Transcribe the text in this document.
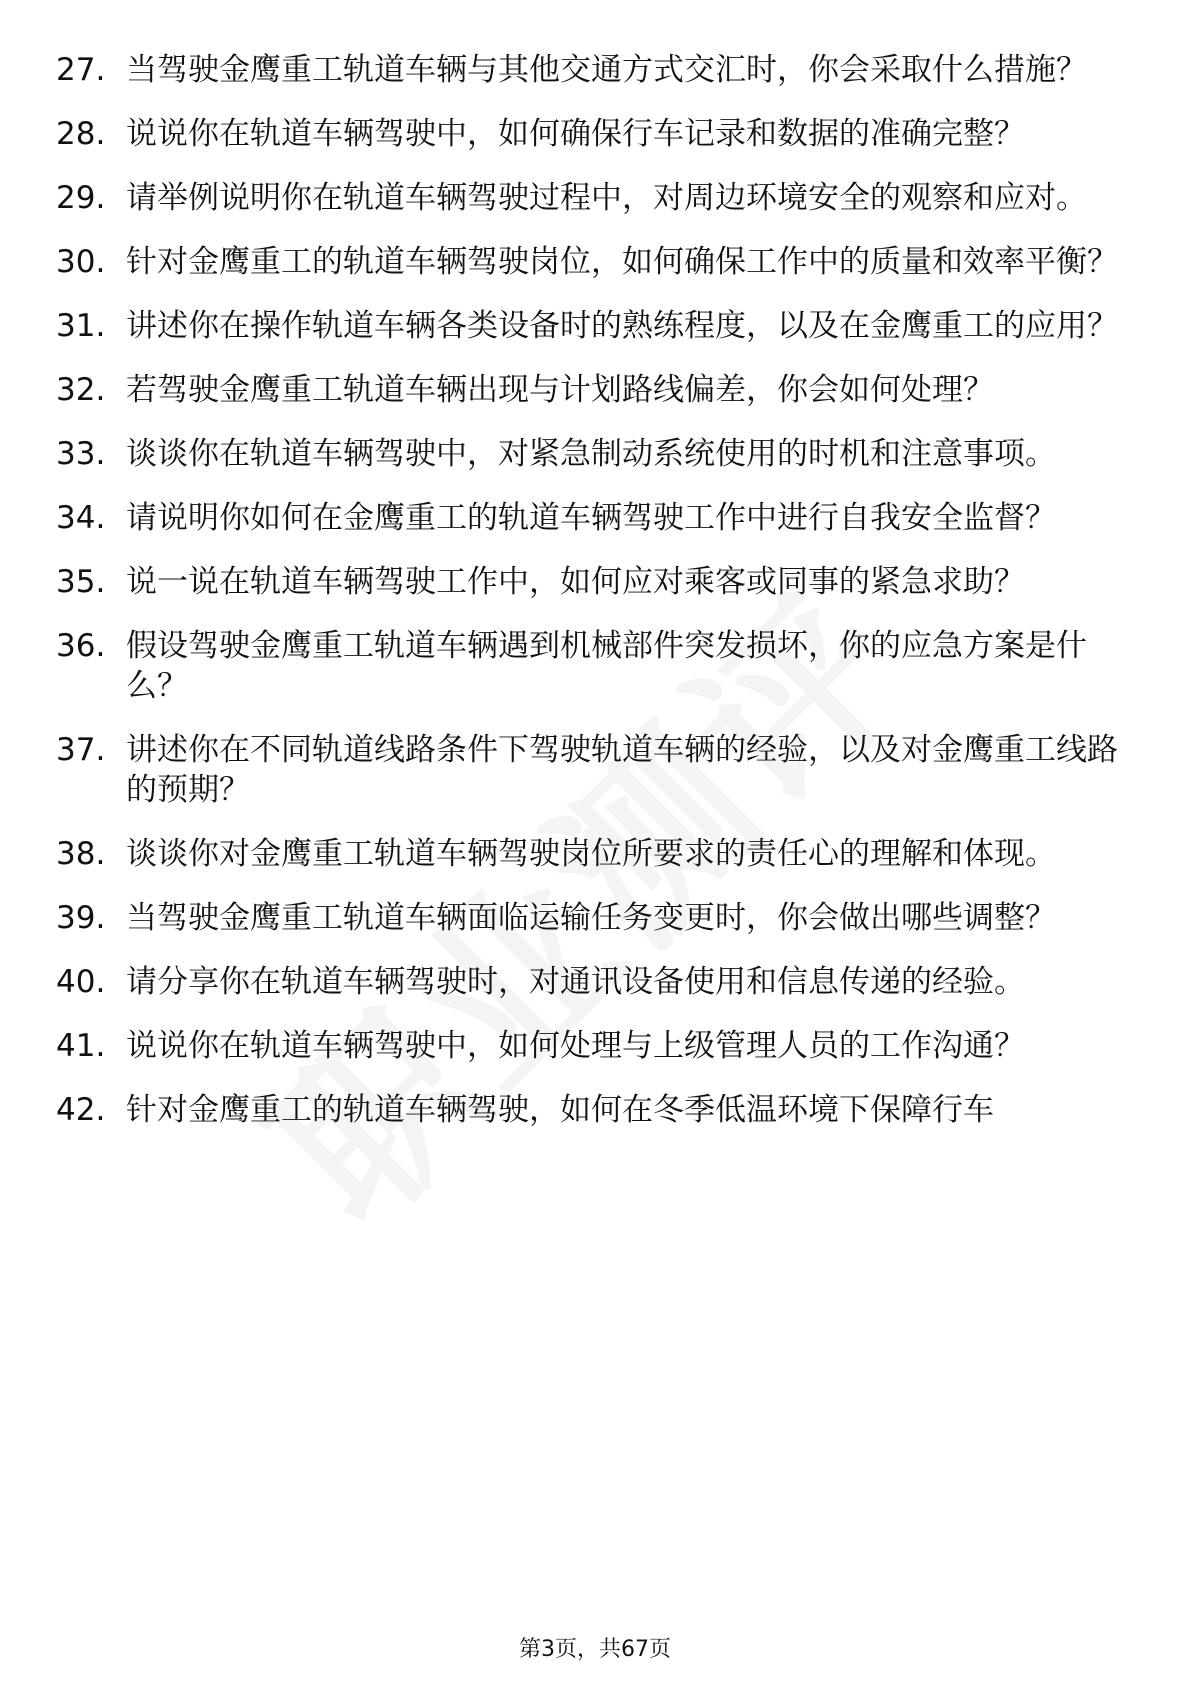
27. 当驾驶金鹰重工轨道车辆与其他交通方式交汇时，你会采取什么措施？
28. 说说你在轨道车辆驾驶中，如何确保行车记录和数据的准确完整？
29. 请举例说明你在轨道车辆驾驶过程中，对周边环境安全的观察和应对。
30. 针对金鹰重工的轨道车辆驾驶岗位，如何确保工作中的质量和效率平衡？
31. 讲述你在操作轨道车辆各类设备时的熟练程度，以及在金鹰重工的应用？
32. 若驾驶金鹰重工轨道车辆出现与计划路线偏差，你会如何处理？
33. 谈谈你在轨道车辆驾驶中，对紧急制动系统使用的时机和注意事项。
34. 请说明你如何在金鹰重工的轨道车辆驾驶工作中进行自我安全监督？
35. 说一说在轨道车辆驾驶工作中，如何应对乘客或同事的紧急求助？
36. 假设驾驶金鹰重工轨道车辆遇到机械部件突发损坏，你的应急方案是什么？
37. 讲述你在不同轨道线路条件下驾驶轨道车辆的经验，以及对金鹰重工线路的预期？
38. 谈谈你对金鹰重工轨道车辆驾驶岗位所要求的责任心的理解和体现。
39. 当驾驶金鹰重工轨道车辆面临运输任务变更时，你会做出哪些调整？
40. 请分享你在轨道车辆驾驶时，对通讯设备使用和信息传递的经验。
41. 说说你在轨道车辆驾驶中，如何处理与上级管理人员的工作沟通？
42. 针对金鹰重工的轨道车辆驾驶，如何在冬季低温环境下保障行车
第3页，共67页
